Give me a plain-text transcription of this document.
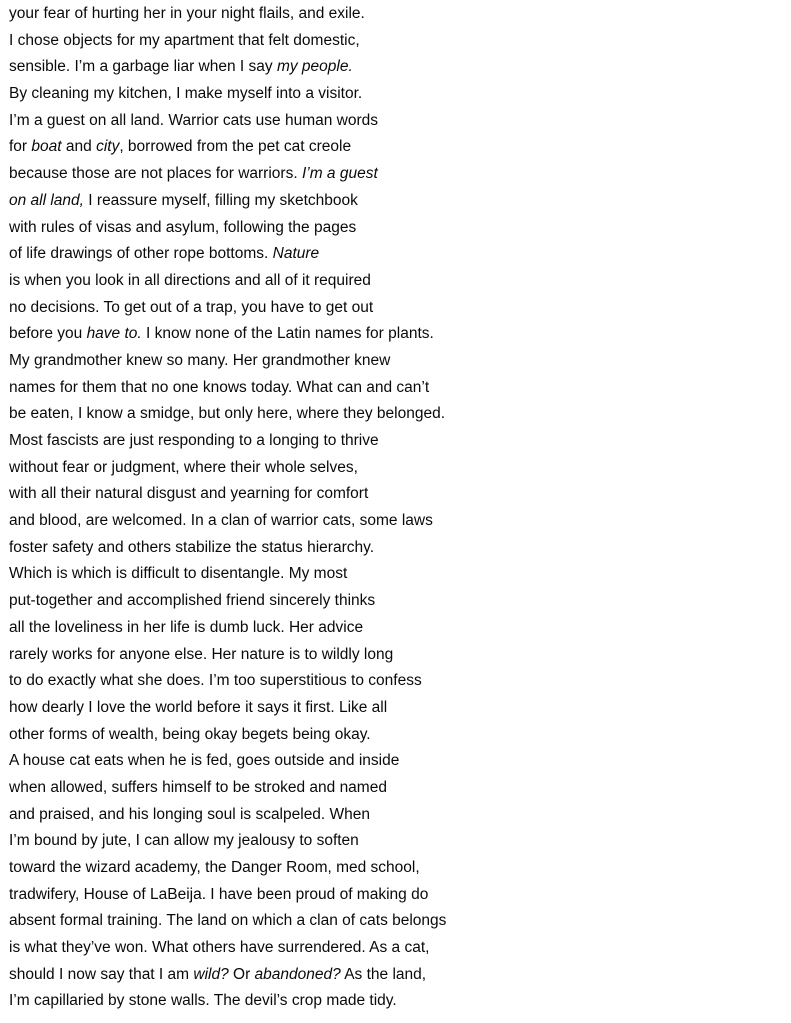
your fear of hurting her in your night flails, and exile.
I chose objects for my apartment that felt domestic,
sensible. I’m a garbage liar when I say my people.
By cleaning my kitchen, I make myself into a visitor.
I’m a guest on all land. Warrior cats use human words
for boat and city, borrowed from the pet cat creole
because those are not places for warriors. I’m a guest
on all land, I reassure myself, filling my sketchbook
with rules of visas and asylum, following the pages
of life drawings of other rope bottoms. Nature
is when you look in all directions and all of it required
no decisions. To get out of a trap, you have to get out
before you have to. I know none of the Latin names for plants.
My grandmother knew so many. Her grandmother knew
names for them that no one knows today. What can and can’t
be eaten, I know a smidge, but only here, where they belonged.
Most fascists are just responding to a longing to thrive
without fear or judgment, where their whole selves,
with all their natural disgust and yearning for comfort
and blood, are welcomed. In a clan of warrior cats, some laws
foster safety and others stabilize the status hierarchy.
Which is which is difficult to disentangle. My most
put-together and accomplished friend sincerely thinks
all the loveliness in her life is dumb luck. Her advice
rarely works for anyone else. Her nature is to wildly long
to do exactly what she does. I’m too superstitious to confess
how dearly I love the world before it says it first. Like all
other forms of wealth, being okay begets being okay.
A house cat eats when he is fed, goes outside and inside
when allowed, suffers himself to be stroked and named
and praised, and his longing soul is scalpeled. When
I’m bound by jute, I can allow my jealousy to soften
toward the wizard academy, the Danger Room, med school,
tradwifery, House of LaBeija. I have been proud of making do
absent formal training. The land on which a clan of cats belongs
is what they’ve won. What others have surrendered. As a cat,
should I now say that I am wild? Or abandoned? As the land,
I’m capillaried by stone walls. The devil’s crop made tidy.
